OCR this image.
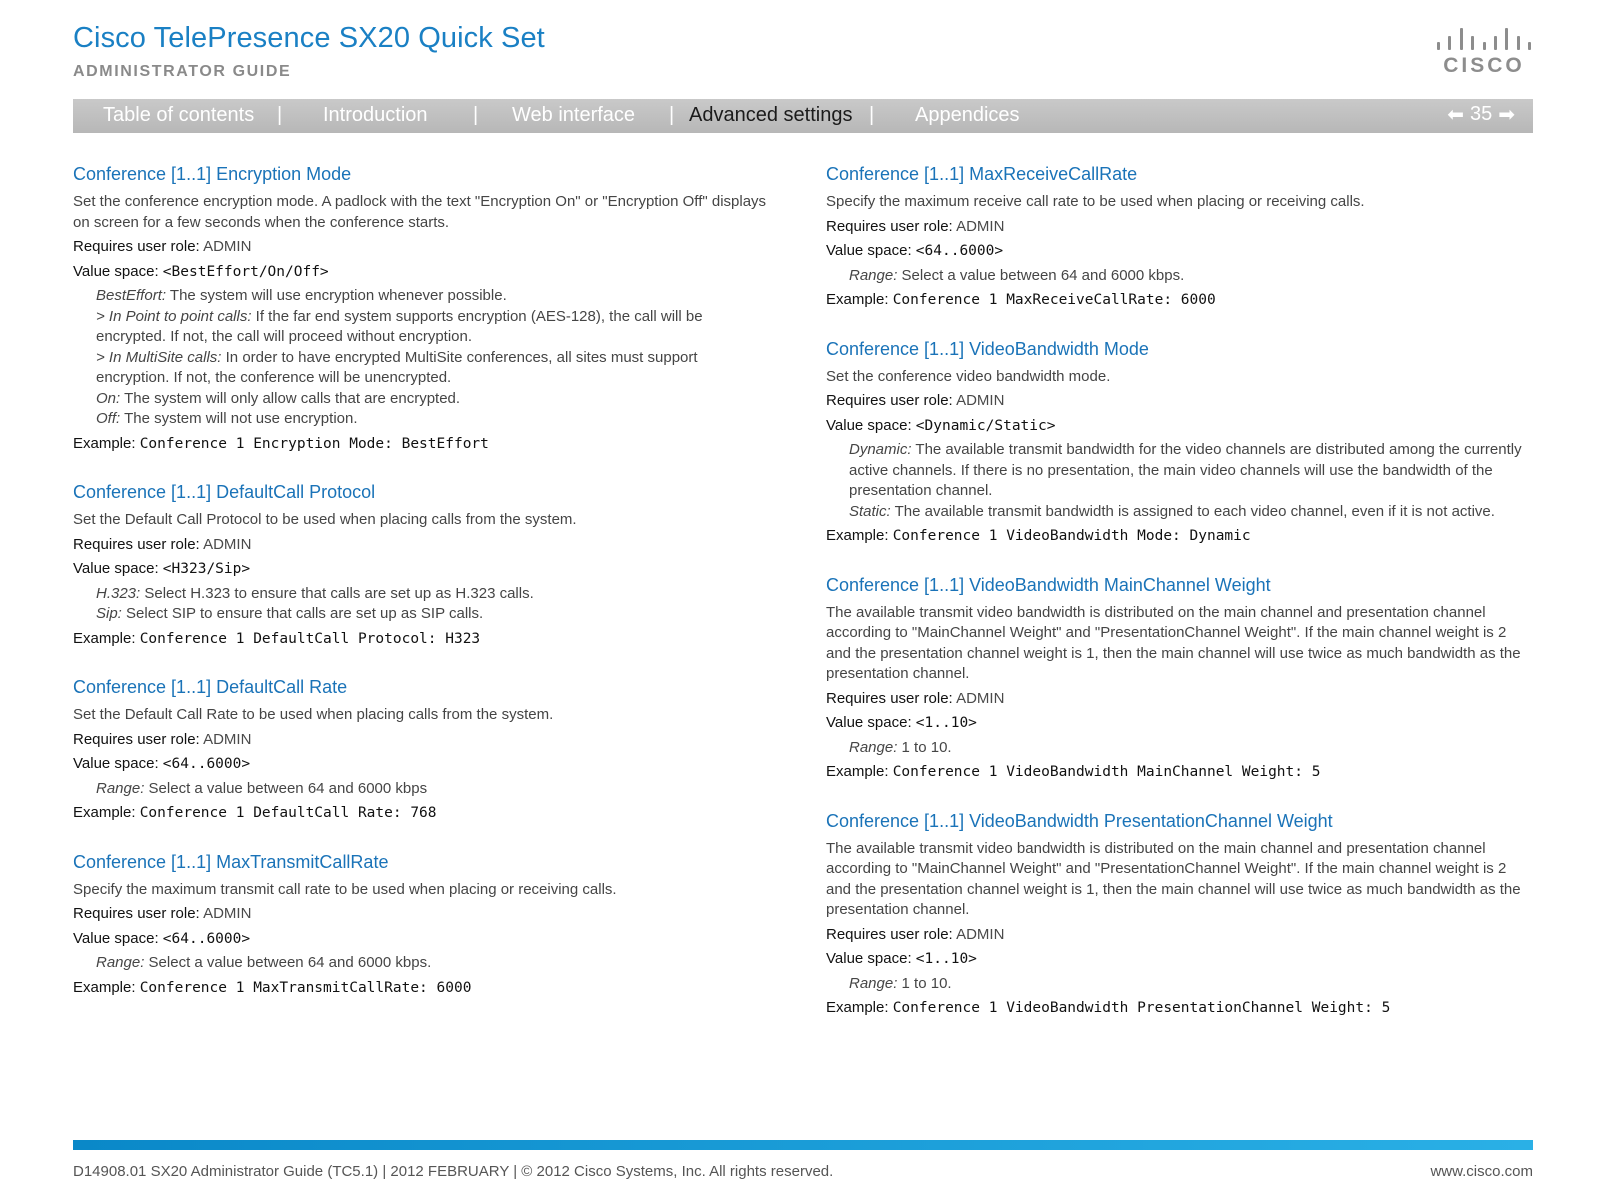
Cisco TelePresence SX20 Quick Set
ADMINISTRATOR GUIDE	CISCO
Table of contents | Introduction | Web interface | Advanced settings | Appendices	⬅ 35 ➡
Conference [1..1] Encryption Mode
Set the conference encryption mode. A padlock with the text "Encryption On" or "Encryption Off" displays on screen for a few seconds when the conference starts.
Requires user role: ADMIN
Value space: <BestEffort/On/Off>
BestEffort: The system will use encryption whenever possible.
> In Point to point calls: If the far end system supports encryption (AES-128), the call will be encrypted. If not, the call will proceed without encryption.
> In MultiSite calls: In order to have encrypted MultiSite conferences, all sites must support encryption. If not, the conference will be unencrypted.
On: The system will only allow calls that are encrypted.
Off: The system will not use encryption.
Example: Conference 1 Encryption Mode: BestEffort
Conference [1..1] DefaultCall Protocol
Set the Default Call Protocol to be used when placing calls from the system.
Requires user role: ADMIN
Value space: <H323/Sip>
H.323: Select H.323 to ensure that calls are set up as H.323 calls.
Sip: Select SIP to ensure that calls are set up as SIP calls.
Example: Conference 1 DefaultCall Protocol: H323
Conference [1..1] DefaultCall Rate
Set the Default Call Rate to be used when placing calls from the system.
Requires user role: ADMIN
Value space: <64..6000>
Range: Select a value between 64 and 6000 kbps
Example: Conference 1 DefaultCall Rate: 768
Conference [1..1] MaxTransmitCallRate
Specify the maximum transmit call rate to be used when placing or receiving calls.
Requires user role: ADMIN
Value space: <64..6000>
Range: Select a value between 64 and 6000 kbps.
Example: Conference 1 MaxTransmitCallRate: 6000
Conference [1..1] MaxReceiveCallRate
Specify the maximum receive call rate to be used when placing or receiving calls.
Requires user role: ADMIN
Value space: <64..6000>
Range: Select a value between 64 and 6000 kbps.
Example: Conference 1 MaxReceiveCallRate: 6000
Conference [1..1] VideoBandwidth Mode
Set the conference video bandwidth mode.
Requires user role: ADMIN
Value space: <Dynamic/Static>
Dynamic: The available transmit bandwidth for the video channels are distributed among the currently active channels. If there is no presentation, the main video channels will use the bandwidth of the presentation channel.
Static: The available transmit bandwidth is assigned to each video channel, even if it is not active.
Example: Conference 1 VideoBandwidth Mode: Dynamic
Conference [1..1] VideoBandwidth MainChannel Weight
The available transmit video bandwidth is distributed on the main channel and presentation channel according to "MainChannel Weight" and "PresentationChannel Weight". If the main channel weight is 2 and the presentation channel weight is 1, then the main channel will use twice as much bandwidth as the presentation channel.
Requires user role: ADMIN
Value space: <1..10>
Range: 1 to 10.
Example: Conference 1 VideoBandwidth MainChannel Weight: 5
Conference [1..1] VideoBandwidth PresentationChannel Weight
The available transmit video bandwidth is distributed on the main channel and presentation channel according to "MainChannel Weight" and "PresentationChannel Weight". If the main channel weight is 2 and the presentation channel weight is 1, then the main channel will use twice as much bandwidth as the presentation channel.
Requires user role: ADMIN
Value space: <1..10>
Range: 1 to 10.
Example: Conference 1 VideoBandwidth PresentationChannel Weight: 5
D14908.01 SX20 Administrator Guide (TC5.1) | 2012 FEBRUARY | © 2012 Cisco Systems, Inc. All rights reserved.	www.cisco.com
